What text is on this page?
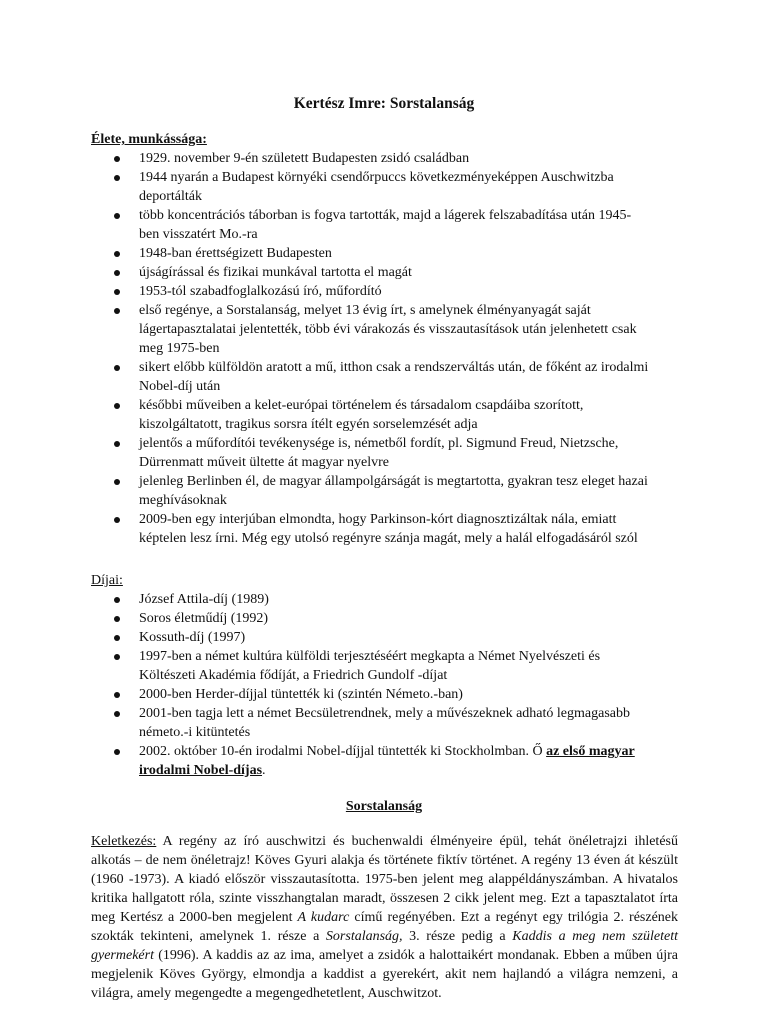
Kertész Imre: Sorstalanság

Élete, munkássága:

1929. november 9-én született Budapesten zsidó családban
1944 nyarán a Budapest környéki csendőrpuccs következményeképpen Auschwitzba deportálták
több koncentrációs táborban is fogva tartották, majd a lágerek felszabadítása után 1945-ben visszatért Mo.-ra
1948-ban érettségizett Budapesten
újságírással és fizikai munkával tartotta el magát
1953-tól szabadfoglalkozású író, műfordító
első regénye, a Sorstalanság, melyet 13 évig írt, s amelynek élményanyagát saját lágertapasztalatai jelentették, több évi várakozás és visszautasítások után jelenhetett csak meg 1975-ben
sikert előbb külföldön aratott a mű, itthon csak a rendszerváltás után, de főként az irodalmi Nobel-díj után
későbbi műveiben a kelet-európai történelem és társadalom csapdáiba szorított, kiszolgáltatott, tragikus sorsra ítélt egyén sorselemzését adja
jelentős a műfordítói tevékenysége is, németből fordít, pl. Sigmund Freud, Nietzsche, Dürrenmatt műveit ültette át magyar nyelvre
jelenleg Berlinben él, de magyar állampolgárságát is megtartotta, gyakran tesz eleget hazai meghívásoknak
2009-ben egy interjúban elmondta, hogy Parkinson-kórt diagnosztizáltak nála, emiatt képtelen lesz írni. Még egy utolsó regényre szánja magát, mely a halál elfogadásáról szól

Díjai:

József Attila-díj (1989)
Soros életműdíj (1992)
Kossuth-díj (1997)
1997-ben a német kultúra külföldi terjesztéséért megkapta a Német Nyelvészeti és Költészeti Akadémia fődíját, a Friedrich Gundolf -díjat
2000-ben Herder-díjjal tüntették ki (szintén Németo.-ban)
2001-ben tagja lett a német Becsületrendnek, mely a művészeknek adható legmagasabb németo.-i kitüntetés
2002. október 10-én irodalmi Nobel-díjjal tüntették ki Stockholmban. Ő az első magyar irodalmi Nobel-díjas.

Sorstalanság

Keletkezés: A regény az író auschwitzi és buchenwaldi élményeire épül, tehát önéletrajzi ihletésű alkotás – de nem önéletrajz! Köves Gyuri alakja és története fiktív történet. A regény 13 éven át készült (1960 -1973). A kiadó először visszautasította. 1975-ben jelent meg alappéldányszámban. A hivatalos kritika hallgatott róla, szinte visszhangtalan maradt, összesen 2 cikk jelent meg. Ezt a tapasztalatot írta meg Kertész a 2000-ben megjelent A kudarc című regényében. Ezt a regényt egy trilógia 2. részének szokták tekinteni, amelynek 1. része a Sorstalanság, 3. része pedig a Kaddis a meg nem született gyermekért (1996). A kaddis az az ima, amelyet a zsidók a halottaikért mondanak. Ebben a műben újra megjelenik Köves György, elmondja a kaddist a gyerekért, akit nem hajlandó a világra nemzeni, a világra, amely megengedte a megengedhetetlent, Auschwitzot.
